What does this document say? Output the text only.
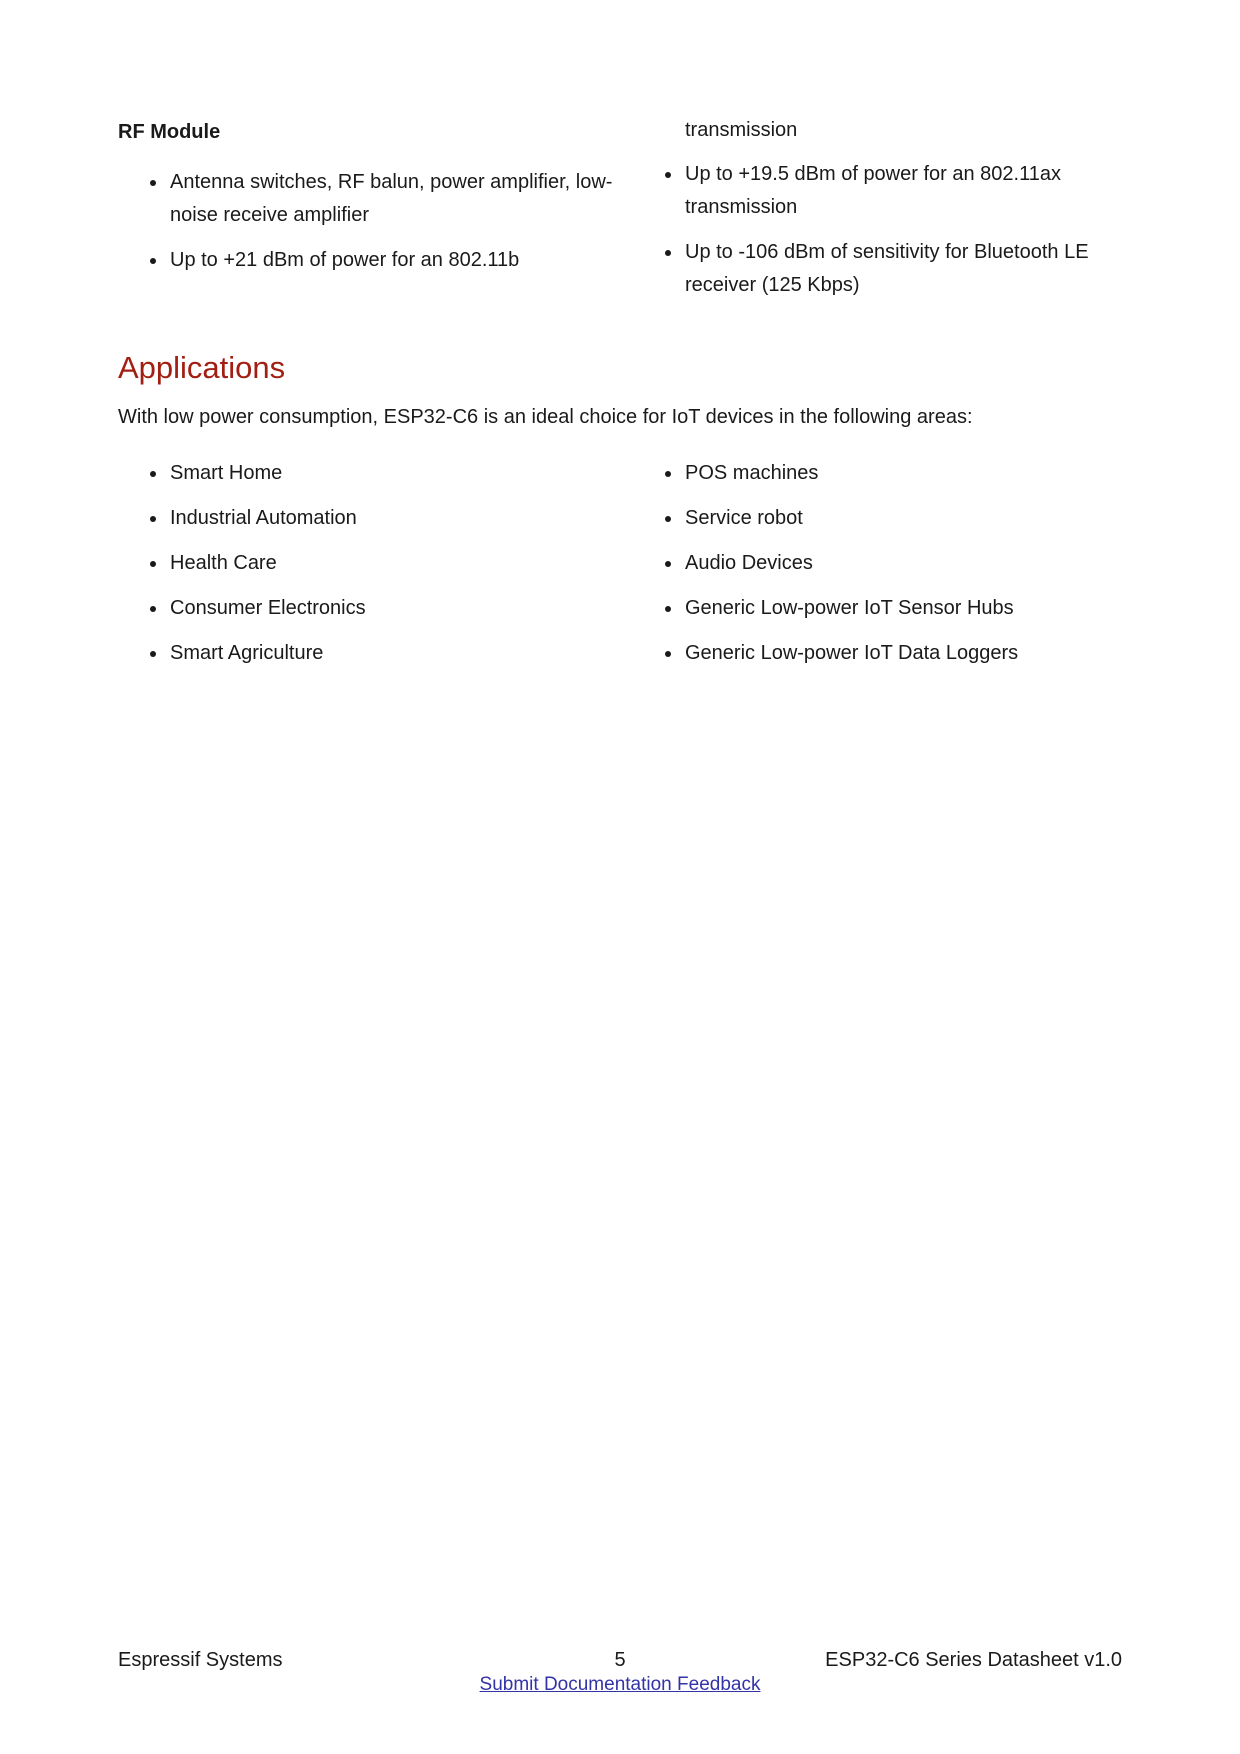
RF Module
Antenna switches, RF balun, power amplifier, low-noise receive amplifier
Up to +21 dBm of power for an 802.11b
transmission
Up to +19.5 dBm of power for an 802.11ax transmission
Up to -106 dBm of sensitivity for Bluetooth LE receiver (125 Kbps)
Applications

With low power consumption, ESP32-C6 is an ideal choice for IoT devices in the following areas:

Smart Home
Industrial Automation
Health Care
Consumer Electronics
Smart Agriculture
POS machines
Service robot
Audio Devices
Generic Low-power IoT Sensor Hubs
Generic Low-power IoT Data Loggers
Espressif Systems	5	ESP32-C6 Series Datasheet v1.0
Submit Documentation Feedback
